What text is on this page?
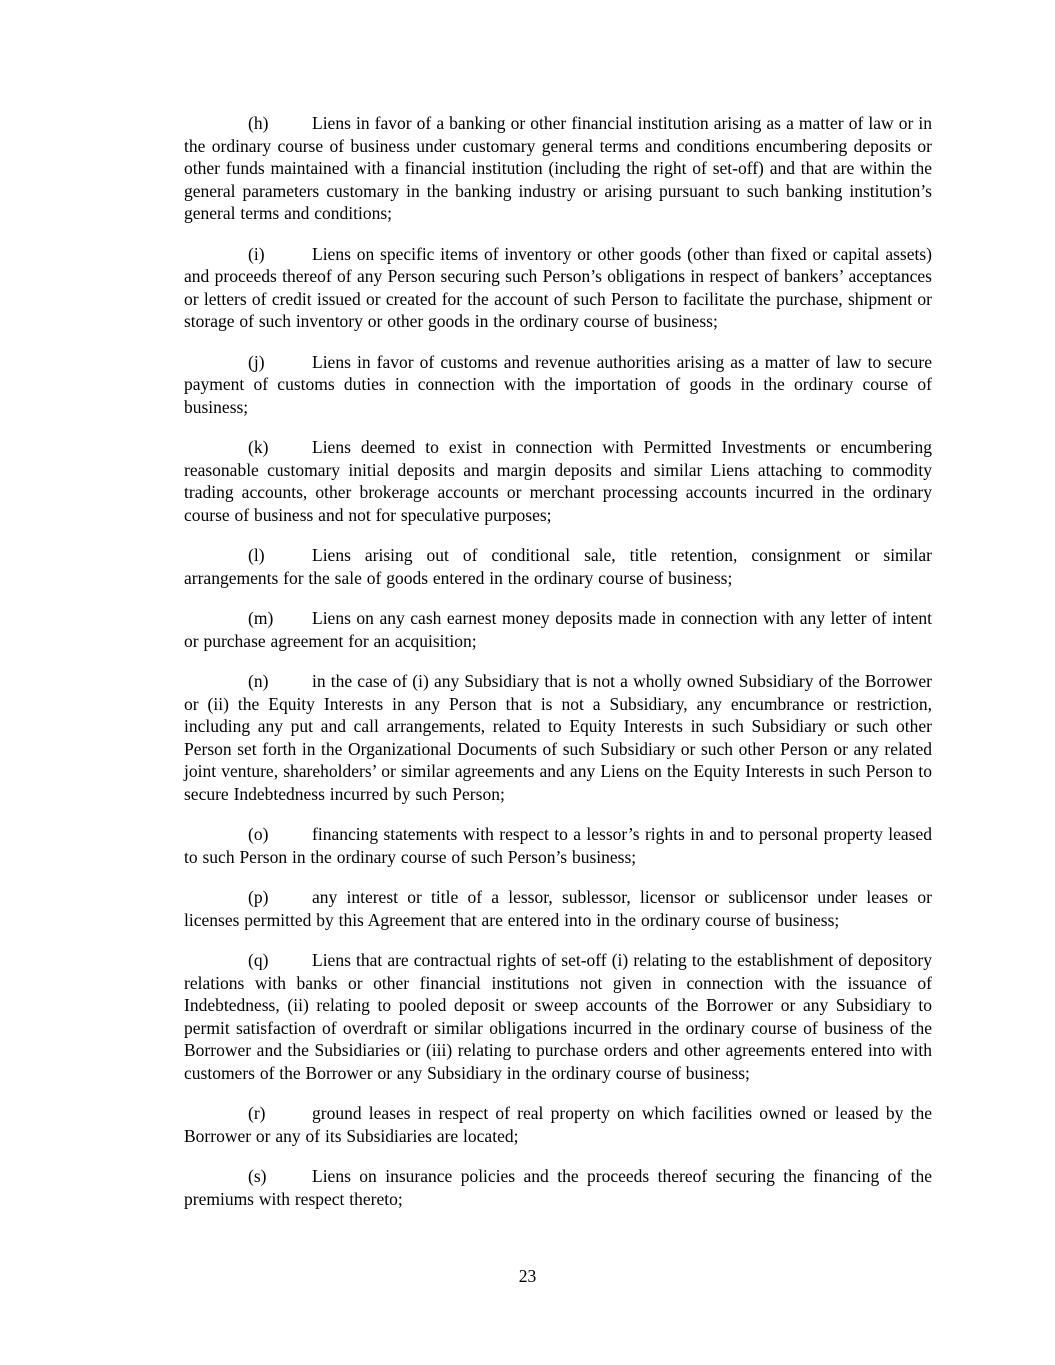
(h) Liens in favor of a banking or other financial institution arising as a matter of law or in the ordinary course of business under customary general terms and conditions encumbering deposits or other funds maintained with a financial institution (including the right of set-off) and that are within the general parameters customary in the banking industry or arising pursuant to such banking institution’s general terms and conditions;

(i)	Liens on specific items of inventory or other goods (other than fixed or capital assets) and proceeds thereof of any Person securing such Person’s obligations in respect of bankers’ acceptances or letters of credit issued or created for the account of such Person to facilitate the purchase, shipment or storage of such inventory or other goods in the ordinary course of business;

(j)	Liens in favor of customs and revenue authorities arising as a matter of law to secure payment of customs duties in connection with the importation of goods in the ordinary course of business;

(k) Liens deemed to exist in connection with Permitted Investments or encumbering reasonable customary initial deposits and margin deposits and similar Liens attaching to commodity trading accounts, other brokerage accounts or merchant processing accounts incurred in the ordinary course of business and not for speculative purposes;

(l)	Liens arising out of conditional sale, title retention, consignment or similar arrangements for the sale of goods entered in the ordinary course of business;

(m) Liens on any cash earnest money deposits made in connection with any letter of intent or purchase agreement for an acquisition;

(n) in the case of (i) any Subsidiary that is not a wholly owned Subsidiary of the Borrower or (ii) the Equity Interests in any Person that is not a Subsidiary, any encumbrance or restriction, including any put and call arrangements, related to Equity Interests in such Subsidiary or such other Person set forth in the Organizational Documents of such Subsidiary or such other Person or any related joint venture, shareholders’ or similar agreements and any Liens on the Equity Interests in such Person to secure Indebtedness incurred by such Person;

(o) financing statements with respect to a lessor’s rights in and to personal property leased to such Person in the ordinary course of such Person’s business;

(p) any interest or title of a lessor, sublessor, licensor or sublicensor under leases or licenses permitted by this Agreement that are entered into in the ordinary course of business;

(q) Liens that are contractual rights of set-off (i) relating to the establishment of depository relations with banks or other financial institutions not given in connection with the issuance of Indebtedness, (ii) relating to pooled deposit or sweep accounts of the Borrower or any Subsidiary to permit satisfaction of overdraft or similar obligations incurred in the ordinary course of business of the Borrower and the Subsidiaries or (iii) relating to purchase orders and other agreements entered into with customers of the Borrower or any Subsidiary in the ordinary course of business;

(r)	ground leases in respect of real property on which facilities owned or leased by the Borrower or any of its Subsidiaries are located;

(s)	Liens on insurance policies and the proceeds thereof securing the financing of the premiums with respect thereto;

23
